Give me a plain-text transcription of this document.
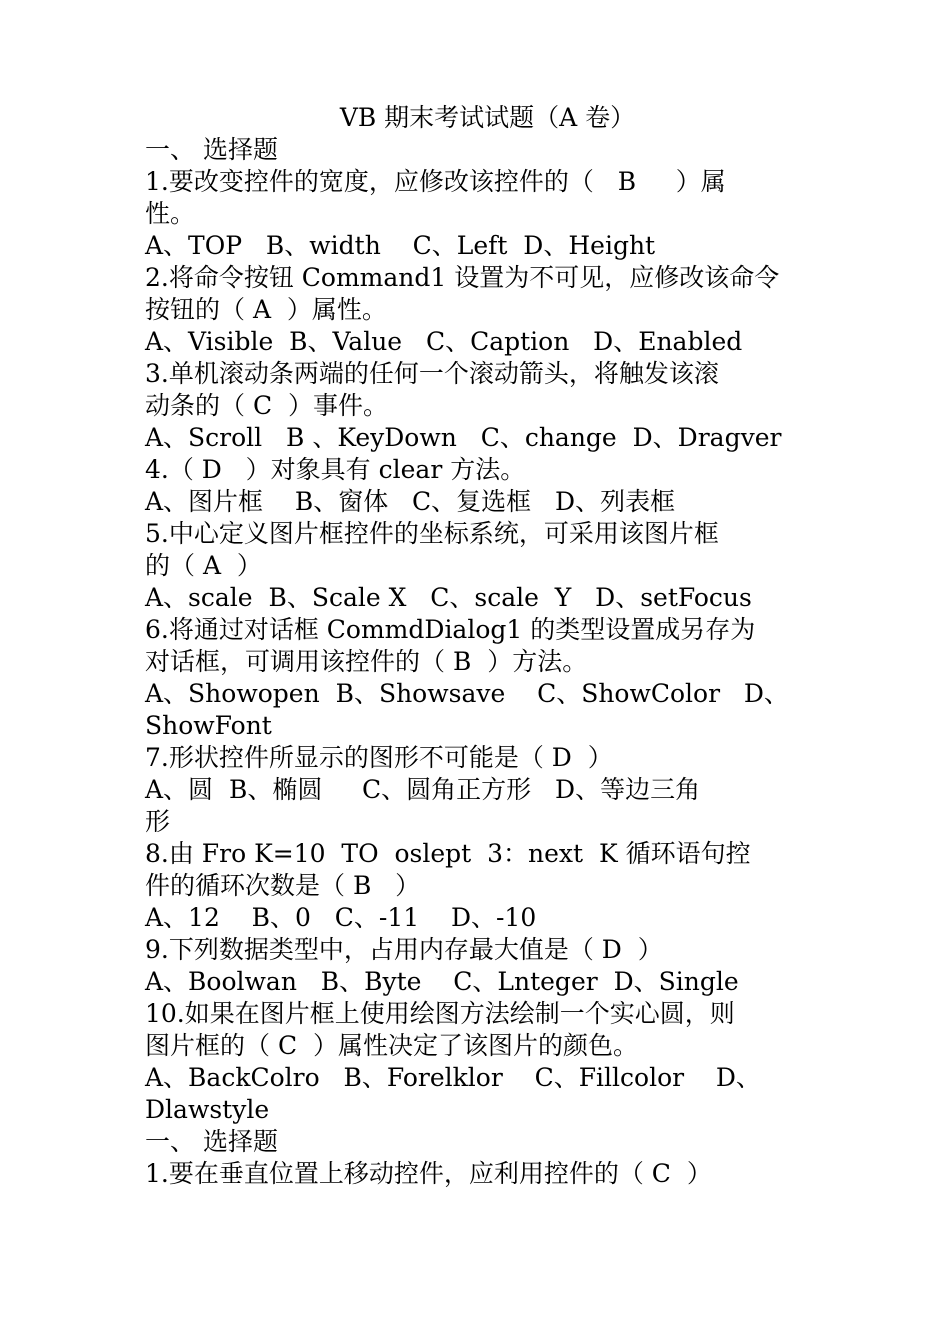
VB 期末考试试题（A 卷）
一、 选择题
1.要改变控件的宽度，应修改该控件的（   B     ）属
性。
A、TOP   B、width    C、Left  D、Height
2.将命令按钮 Command1 设置为不可见，应修改该命令
按钮的（ A  ）属性。
A、Visible  B、Value   C、Caption   D、Enabled
3.单机滚动条两端的任何一个滚动箭头，将触发该滚
动条的（ C  ）事件。
A、Scroll   B 、KeyDown   C、change  D、Dragver
4.（ D   ）对象具有 clear 方法。
A、图片框    B、窗体   C、复选框   D、列表框
5.中心定义图片框控件的坐标系统，可采用该图片框
的（ A  ）
A、scale  B、Scale X   C、scale  Y   D、setFocus
6.将通过对话框 CommdDialog1 的类型设置成另存为
对话框，可调用该控件的（ B  ）方法。
A、Showopen  B、Showsave    C、ShowColor   D、
ShowFont
7.形状控件所显示的图形不可能是（ D  ）
A、圆  B、椭圆     C、圆角正方形   D、等边三角
形
8.由 Fro K=10  TO  oslept  3：next  K 循环语句控
件的循环次数是（ B   ）
A、12    B、0   C、-11    D、-10
9.下列数据类型中，占用内存最大值是（ D  ）
A、Boolwan   B、Byte    C、Lnteger  D、Single
10.如果在图片框上使用绘图方法绘制一个实心圆，则
图片框的（ C  ）属性决定了该图片的颜色。
A、BackColro   B、Forelklor    C、Fillcolor    D、
Dlawstyle
一、 选择题
1.要在垂直位置上移动控件，应利用控件的（ C  ）
